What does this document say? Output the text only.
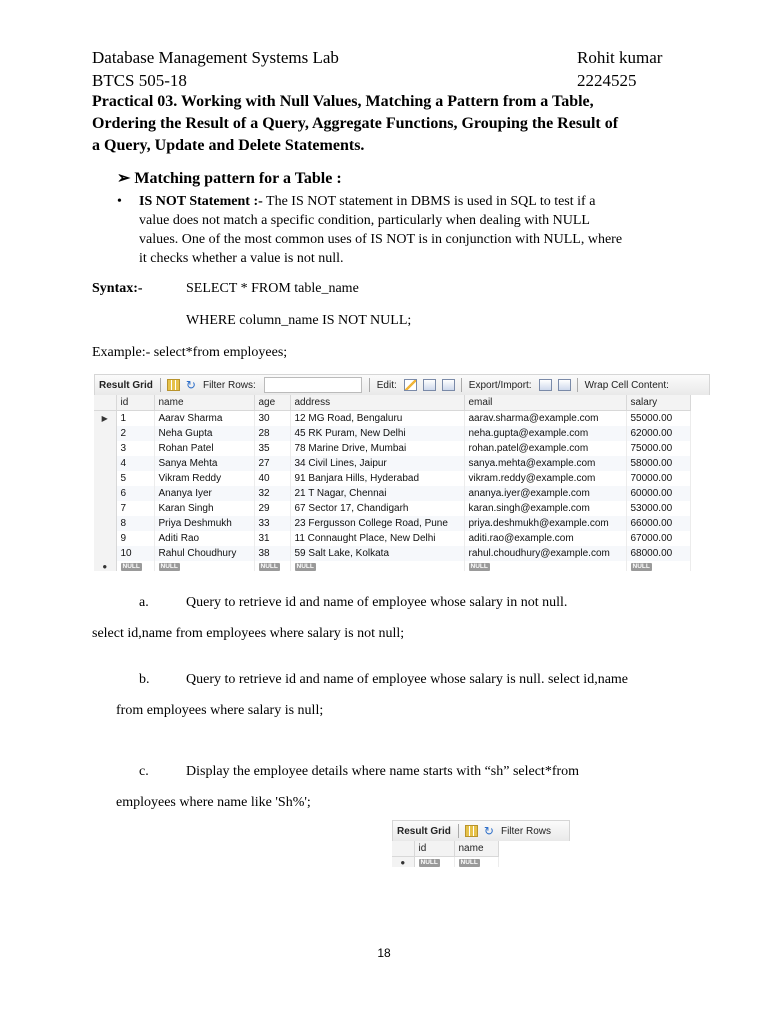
Database Management Systems Lab	Rohit kumar
BTCS 505-18	2224525
Practical 03. Working with Null Values, Matching a Pattern from a Table,
Ordering the Result of a Query, Aggregate Functions, Grouping the Result of
a Query, Update and Delete Statements.
➢ Matching pattern for a Table :
• IS NOT Statement :- The IS NOT statement in DBMS is used in SQL to test if a
value does not match a specific condition, particularly when dealing with NULL
values. One of the most common uses of IS NOT is in conjunction with NULL, where
it checks whether a value is not null.
Syntax:-	SELECT * FROM table_name
WHERE column_name IS NOT NULL;
Example:- select*from employees;
Result Grid	↻ Filter Rows:	Edit:	Export/Import:	Wrap Cell Content:
	id	name	age	address	email	salary
▶	1	Aarav Sharma	30	12 MG Road, Bengaluru	aarav.sharma@example.com	55000.00
	2	Neha Gupta	28	45 RK Puram, New Delhi	neha.gupta@example.com	62000.00
	3	Rohan Patel	35	78 Marine Drive, Mumbai	rohan.patel@example.com	75000.00
	4	Sanya Mehta	27	34 Civil Lines, Jaipur	sanya.mehta@example.com	58000.00
	5	Vikram Reddy	40	91 Banjara Hills, Hyderabad	vikram.reddy@example.com	70000.00
	6	Ananya Iyer	32	21 T Nagar, Chennai	ananya.iyer@example.com	60000.00
	7	Karan Singh	29	67 Sector 17, Chandigarh	karan.singh@example.com	53000.00
	8	Priya Deshmukh	33	23 Fergusson College Road, Pune	priya.deshmukh@example.com	66000.00
	9	Aditi Rao	31	11 Connaught Place, New Delhi	aditi.rao@example.com	67000.00
	10	Rahul Choudhury	38	59 Salt Lake, Kolkata	rahul.choudhury@example.com	68000.00
●	NULL	NULL	NULL	NULL	NULL	NULL
a.	Query to retrieve id and name of employee whose salary in not null.
select id,name from employees where salary is not null;
b.	Query to retrieve id and name of employee whose salary is null. select id,name
from employees where salary is null;
c.	Display the employee details where name starts with “sh” select*from
employees where name like 'Sh%';
Result Grid	↻ Filter Rows
	id	name
●	NULL	NULL
18
